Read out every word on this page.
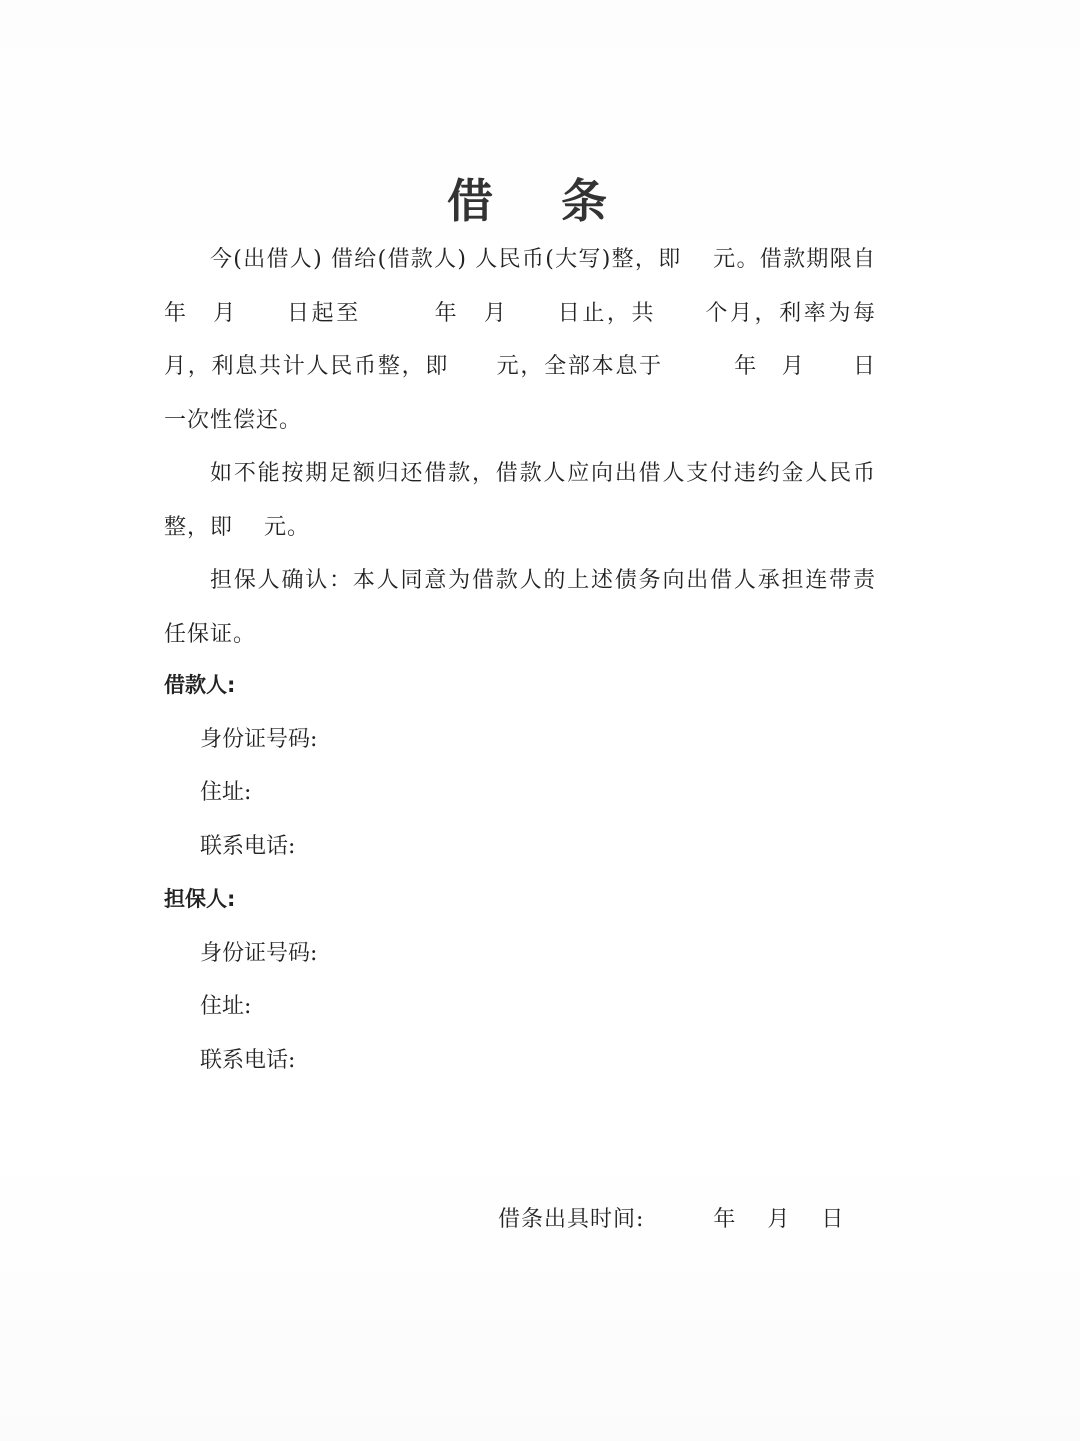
借 条

今(出借人) 借给(借款人) 人民币(大写)整，即　 元。借款期限自　　　年　月　　日起至　　　年　月　　日止，共　　个月，利率为每月，利息共计人民币整，即　　元，全部本息于　　　年　月　　日一次性偿还。

如不能按期足额归还借款，借款人应向出借人支付违约金人民币 整，即　 元。

担保人确认：本人同意为借款人的上述债务向出借人承担连带责任保证。

借款人:
身份证号码:
住址:
联系电话:
担保人:
身份证号码:
住址:
联系电话:
借条出具时间:　　　年　 月　 日
